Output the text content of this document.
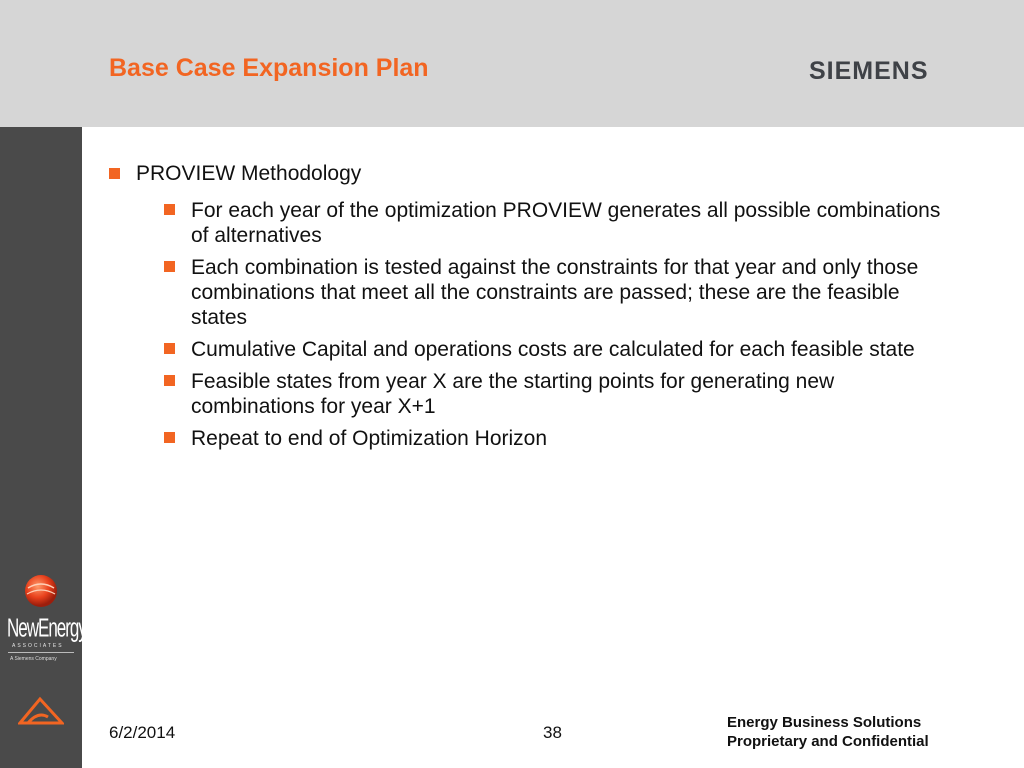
Base Case Expansion Plan	SIEMENS
NewEnergy
ASSOCIATES
A Siemens Company
PROVIEW Methodology
For each year of the optimization PROVIEW generates all possible combinations of alternatives
Each combination is tested against the constraints for that year and only those combinations that meet all the constraints are passed; these are the feasible states
Cumulative Capital and operations costs are calculated for each feasible state
Feasible states from year X are the starting points for generating new combinations for year X+1
Repeat to end of Optimization Horizon
6/2/2014	38
Energy Business Solutions
Proprietary and Confidential
